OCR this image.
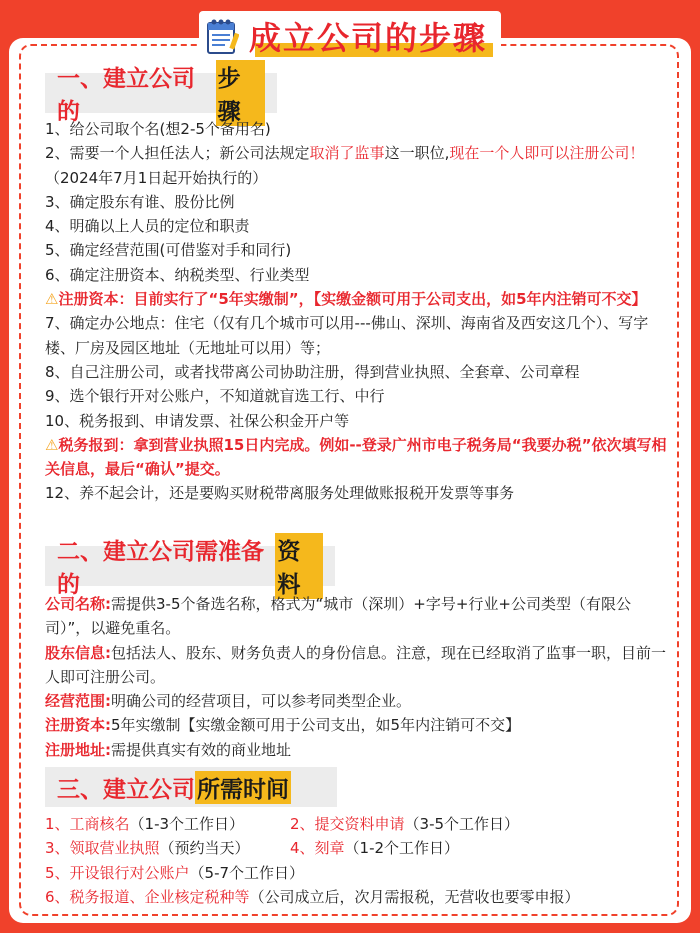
成立公司的步骤
一、建立公司的
步骤

1、给公司取个名(想2-5个备用名)

2、需要一个人担任法人；新公司法规定取消了监事这一职位,现在一个人即可以注册公司！（2024年7月1日起开始执行的）

3、确定股东有谁、股份比例

4、明确以上人员的定位和职责

5、确定经营范围(可借鉴对手和同行)

6、确定注册资本、纳税类型、行业类型

⚠注册资本：目前实行了“5年实缴制”，【实缴金额可用于公司支出，如5年内注销可不交】

7、确定办公地点：住宅（仅有几个城市可以用---佛山、深圳、海南省及西安这几个）、写字楼、厂房及园区地址（无地址可以用）等；

8、自己注册公司，或者找带离公司协助注册，得到营业执照、全套章、公司章程

9、选个银行开对公账户，不知道就盲选工行、中行

10、税务报到、申请发票、社保公积金开户等

⚠税务报到：拿到营业执照15日内完成。例如--登录广州市电子税务局“我要办税”依次填写相关信息，最后“确认”提交。

12、养不起会计，还是要购买财税带离服务处理做账报税开发票等事务

二、建立公司需准备的
资料

公司名称:需提供3-5个备选名称，格式为“城市（深圳）+字号+行业+公司类型（有限公司）”，以避免重名。

股东信息:包括法人、股东、财务负责人的身份信息。注意，现在已经取消了监事一职，目前一人即可注册公司。

经营范围:明确公司的经营项目，可以参考同类型企业。

注册资本:5年实缴制【实缴金额可用于公司支出，如5年内注销可不交】

注册地址:需提供真实有效的商业地址

三、建立公司 所需时间

1、工商核名（1-3个工作日）	2、提交资料申请（3-5个工作日）

3、领取营业执照（预约当天）	4、刻章（1-2个工作日）

5、开设银行对公账户（5-7个工作日）

6、税务报道、企业核定税种等（公司成立后，次月需报税，无营收也要零申报）
